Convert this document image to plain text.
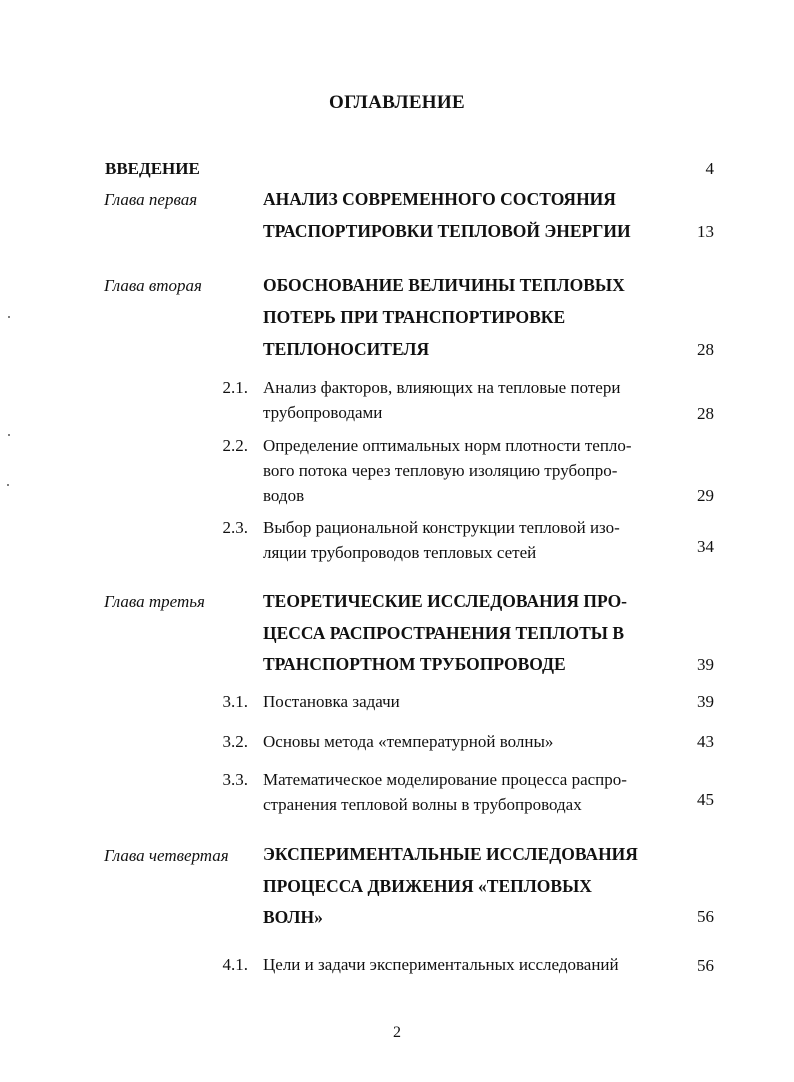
ОГЛАВЛЕНИЕ
ВВЕДЕНИЕ	4
Глава первая	АНАЛИЗ СОВРЕМЕННОГО СОСТОЯНИЯ
ТРАСПОРТИРОВКИ ТЕПЛОВОЙ ЭНЕРГИИ	13
Глава вторая	ОБОСНОВАНИЕ ВЕЛИЧИНЫ ТЕПЛОВЫХ
ПОТЕРЬ ПРИ ТРАНСПОРТИРОВКЕ
ТЕПЛОНОСИТЕЛЯ	28
2.1. Анализ факторов, влияющих на тепловые потери
трубопроводами	28
2.2. Определение оптимальных норм плотности тепло-
вого потока через тепловую изоляцию трубопро-
водов	29
2.3. Выбор рациональной конструкции тепловой изо-
ляции трубопроводов тепловых сетей	34
Глава третья	ТЕОРЕТИЧЕСКИЕ ИССЛЕДОВАНИЯ ПРО-
ЦЕССА РАСПРОСТРАНЕНИЯ ТЕПЛОТЫ В
ТРАНСПОРТНОМ ТРУБОПРОВОДЕ	39
3.1. Постановка задачи	39
3.2. Основы метода «температурной волны»	43
3.3. Математическое моделирование процесса распро-
странения тепловой волны в трубопроводах	45
Глава четвертая ЭКСПЕРИМЕНТАЛЬНЫЕ ИССЛЕДОВАНИЯ
ПРОЦЕССА ДВИЖЕНИЯ «ТЕПЛОВЫХ
ВОЛН»	56
4.1. Цели и задачи экспериментальных исследований	56
2
